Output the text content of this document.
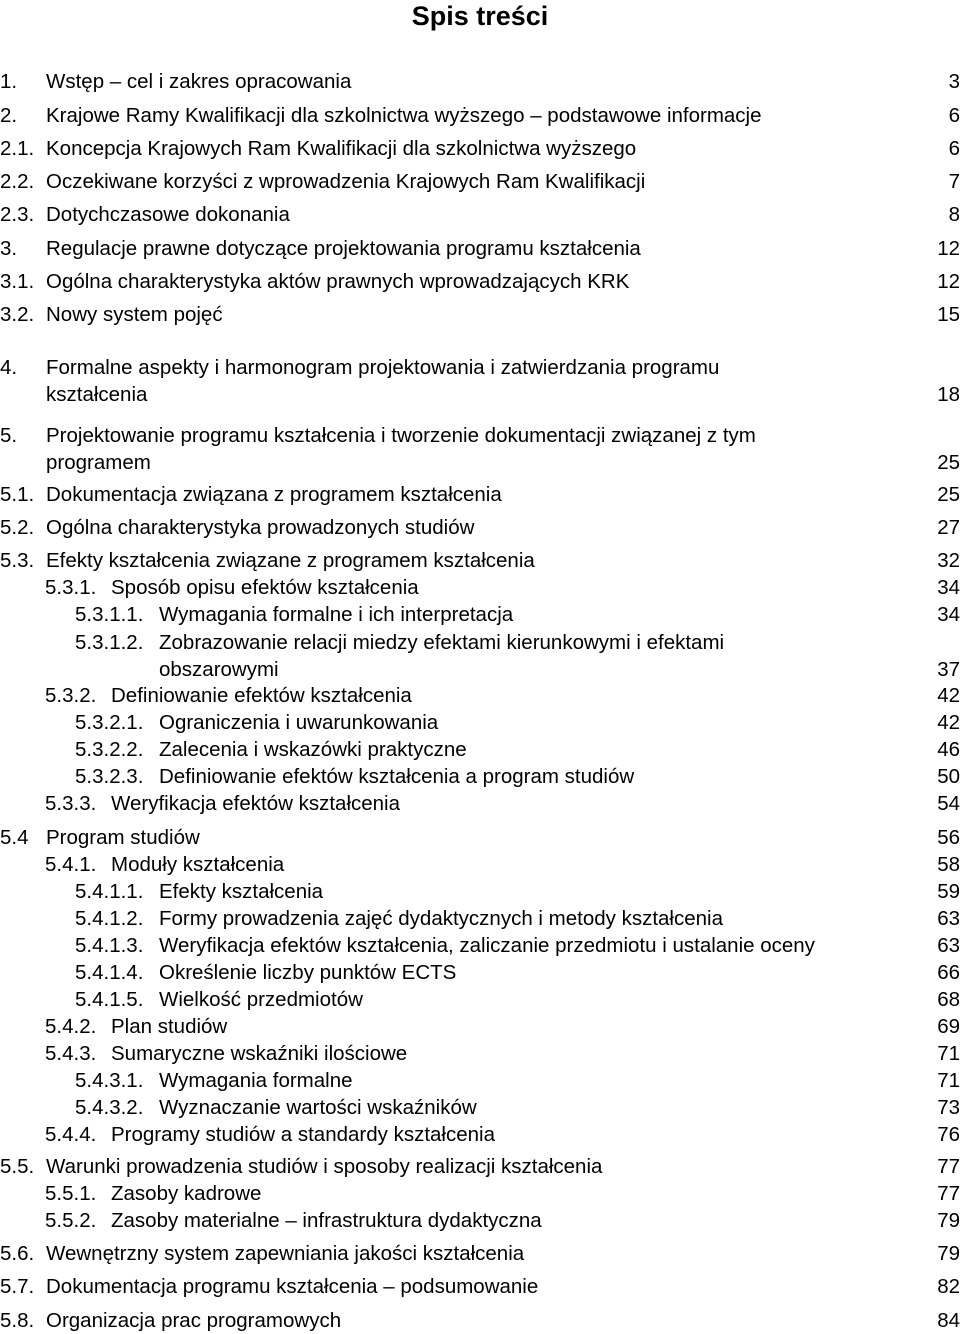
Spis treści
1.	Wstęp – cel i zakres opracowania	3
2.	Krajowe Ramy Kwalifikacji dla szkolnictwa wyższego – podstawowe informacje	6
2.1. Koncepcja Krajowych Ram Kwalifikacji dla szkolnictwa wyższego	6
2.2. Oczekiwane korzyści z wprowadzenia Krajowych Ram Kwalifikacji	7
2.3. Dotychczasowe dokonania	8
3.	Regulacje prawne dotyczące projektowania programu kształcenia	12
3.1. Ogólna charakterystyka aktów prawnych wprowadzających KRK	12
3.2. Nowy system pojęć	15
4.	Formalne aspekty i harmonogram projektowania i zatwierdzania programu
kształcenia	18
5.	Projektowanie programu kształcenia i tworzenie dokumentacji związanej z tym
programem	25
5.1. Dokumentacja związana z programem kształcenia	25
5.2. Ogólna charakterystyka prowadzonych studiów	27
5.3. Efekty kształcenia związane z programem kształcenia	32
5.3.1. Sposób opisu efektów kształcenia	34
5.3.1.1. Wymagania formalne i ich interpretacja	34
5.3.1.2. Zobrazowanie relacji miedzy efektami kierunkowymi i efektami
obszarowymi	37
5.3.2. Definiowanie efektów kształcenia	42
5.3.2.1. Ograniczenia i uwarunkowania	42
5.3.2.2. Zalecenia i wskazówki praktyczne	46
5.3.2.3. Definiowanie efektów kształcenia a program studiów	50
5.3.3. Weryfikacja efektów kształcenia	54
5.4 Program studiów	56
5.4.1. Moduły kształcenia	58
5.4.1.1. Efekty kształcenia	59
5.4.1.2. Formy prowadzenia zajęć dydaktycznych i metody kształcenia	63
5.4.1.3. Weryfikacja efektów kształcenia, zaliczanie przedmiotu i ustalanie oceny	63
5.4.1.4. Określenie liczby punktów ECTS	66
5.4.1.5. Wielkość przedmiotów	68
5.4.2. Plan studiów	69
5.4.3. Sumaryczne wskaźniki ilościowe	71
5.4.3.1. Wymagania formalne	71
5.4.3.2. Wyznaczanie wartości wskaźników	73
5.4.4. Programy studiów a standardy kształcenia	76
5.5. Warunki prowadzenia studiów i sposoby realizacji kształcenia	77
5.5.1. Zasoby kadrowe	77
5.5.2. Zasoby materialne – infrastruktura dydaktyczna	79
5.6. Wewnętrzny system zapewniania jakości kształcenia	79
5.7. Dokumentacja programu kształcenia – podsumowanie	82
5.8. Organizacja prac programowych	84
